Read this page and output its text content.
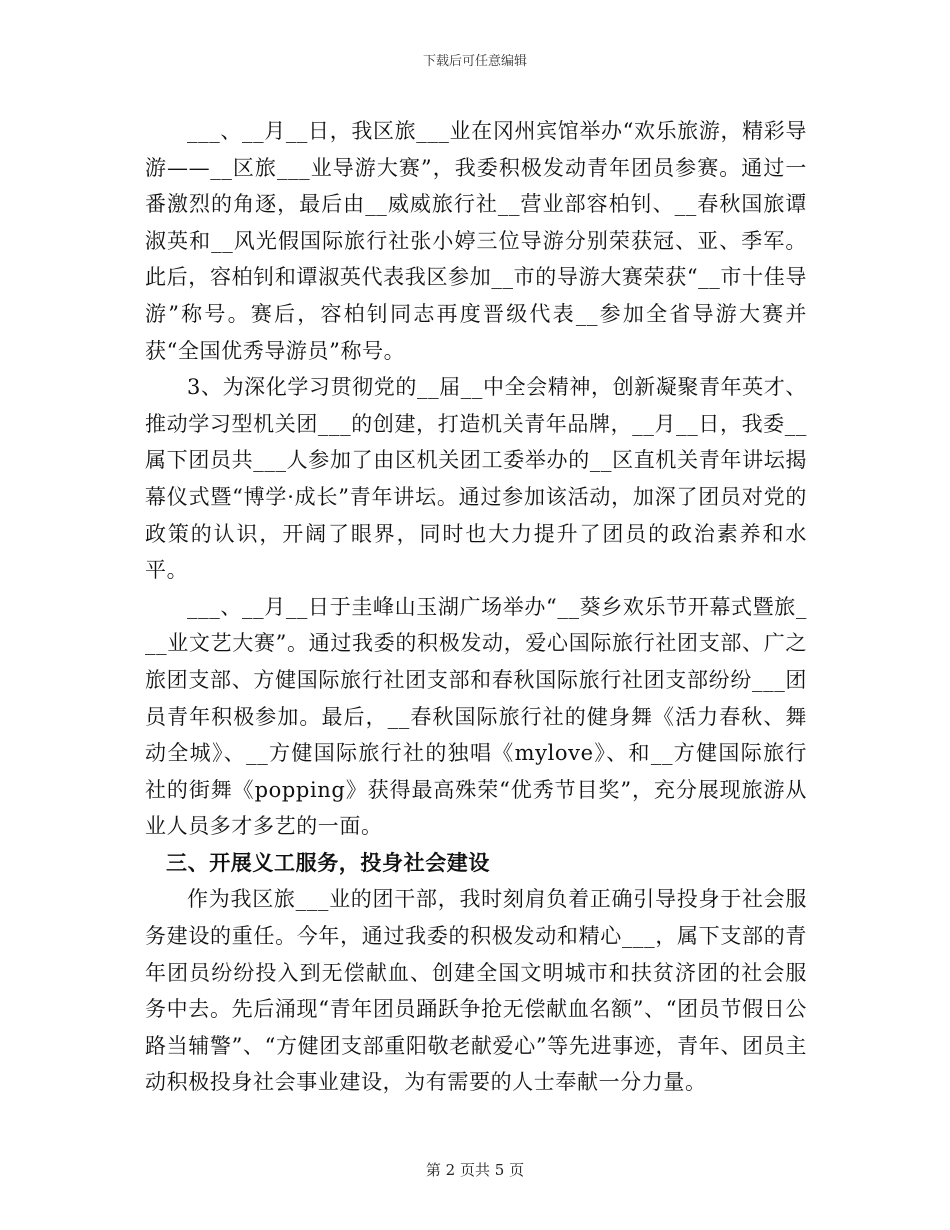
下载后可任意编辑

___、__月__日，我区旅___业在冈州宾馆举办“欢乐旅游，精彩导游——__区旅___业导游大赛”，我委积极发动青年团员参赛。通过一番激烈的角逐，最后由__威威旅行社__营业部容柏钊、__春秋国旅谭淑英和__风光假国际旅行社张小婷三位导游分别荣获冠、亚、季军。此后，容柏钊和谭淑英代表我区参加__市的导游大赛荣获“__市十佳导游”称号。赛后，容柏钊同志再度晋级代表__参加全省导游大赛并获“全国优秀导游员”称号。

3、为深化学习贯彻党的__届__中全会精神，创新凝聚青年英才、推动学习型机关团___的创建，打造机关青年品牌，__月__日，我委__属下团员共___人参加了由区机关团工委举办的__区直机关青年讲坛揭幕仪式暨“博学·成长”青年讲坛。通过参加该活动，加深了团员对党的政策的认识，开阔了眼界，同时也大力提升了团员的政治素养和水平。

___、__月__日于圭峰山玉湖广场举办“__葵乡欢乐节开幕式暨旅___业文艺大赛”。通过我委的积极发动，爱心国际旅行社团支部、广之旅团支部、方健国际旅行社团支部和春秋国际旅行社团支部纷纷___团员青年积极参加。最后，__春秋国际旅行社的健身舞《活力春秋、舞动全城》、__方健国际旅行社的独唱《mylove》、和__方健国际旅行社的街舞《popping》获得最高殊荣“优秀节目奖”，充分展现旅游从业人员多才多艺的一面。

三、开展义工服务，投身社会建设

作为我区旅___业的团干部，我时刻肩负着正确引导投身于社会服务建设的重任。今年，通过我委的积极发动和精心___，属下支部的青年团员纷纷投入到无偿献血、创建全国文明城市和扶贫济团的社会服务中去。先后涌现“青年团员踊跃争抢无偿献血名额”、“团员节假日公路当辅警”、“方健团支部重阳敬老献爱心”等先进事迹，青年、团员主动积极投身社会事业建设，为有需要的人士奉献一分力量。

第 2 页共 5 页
